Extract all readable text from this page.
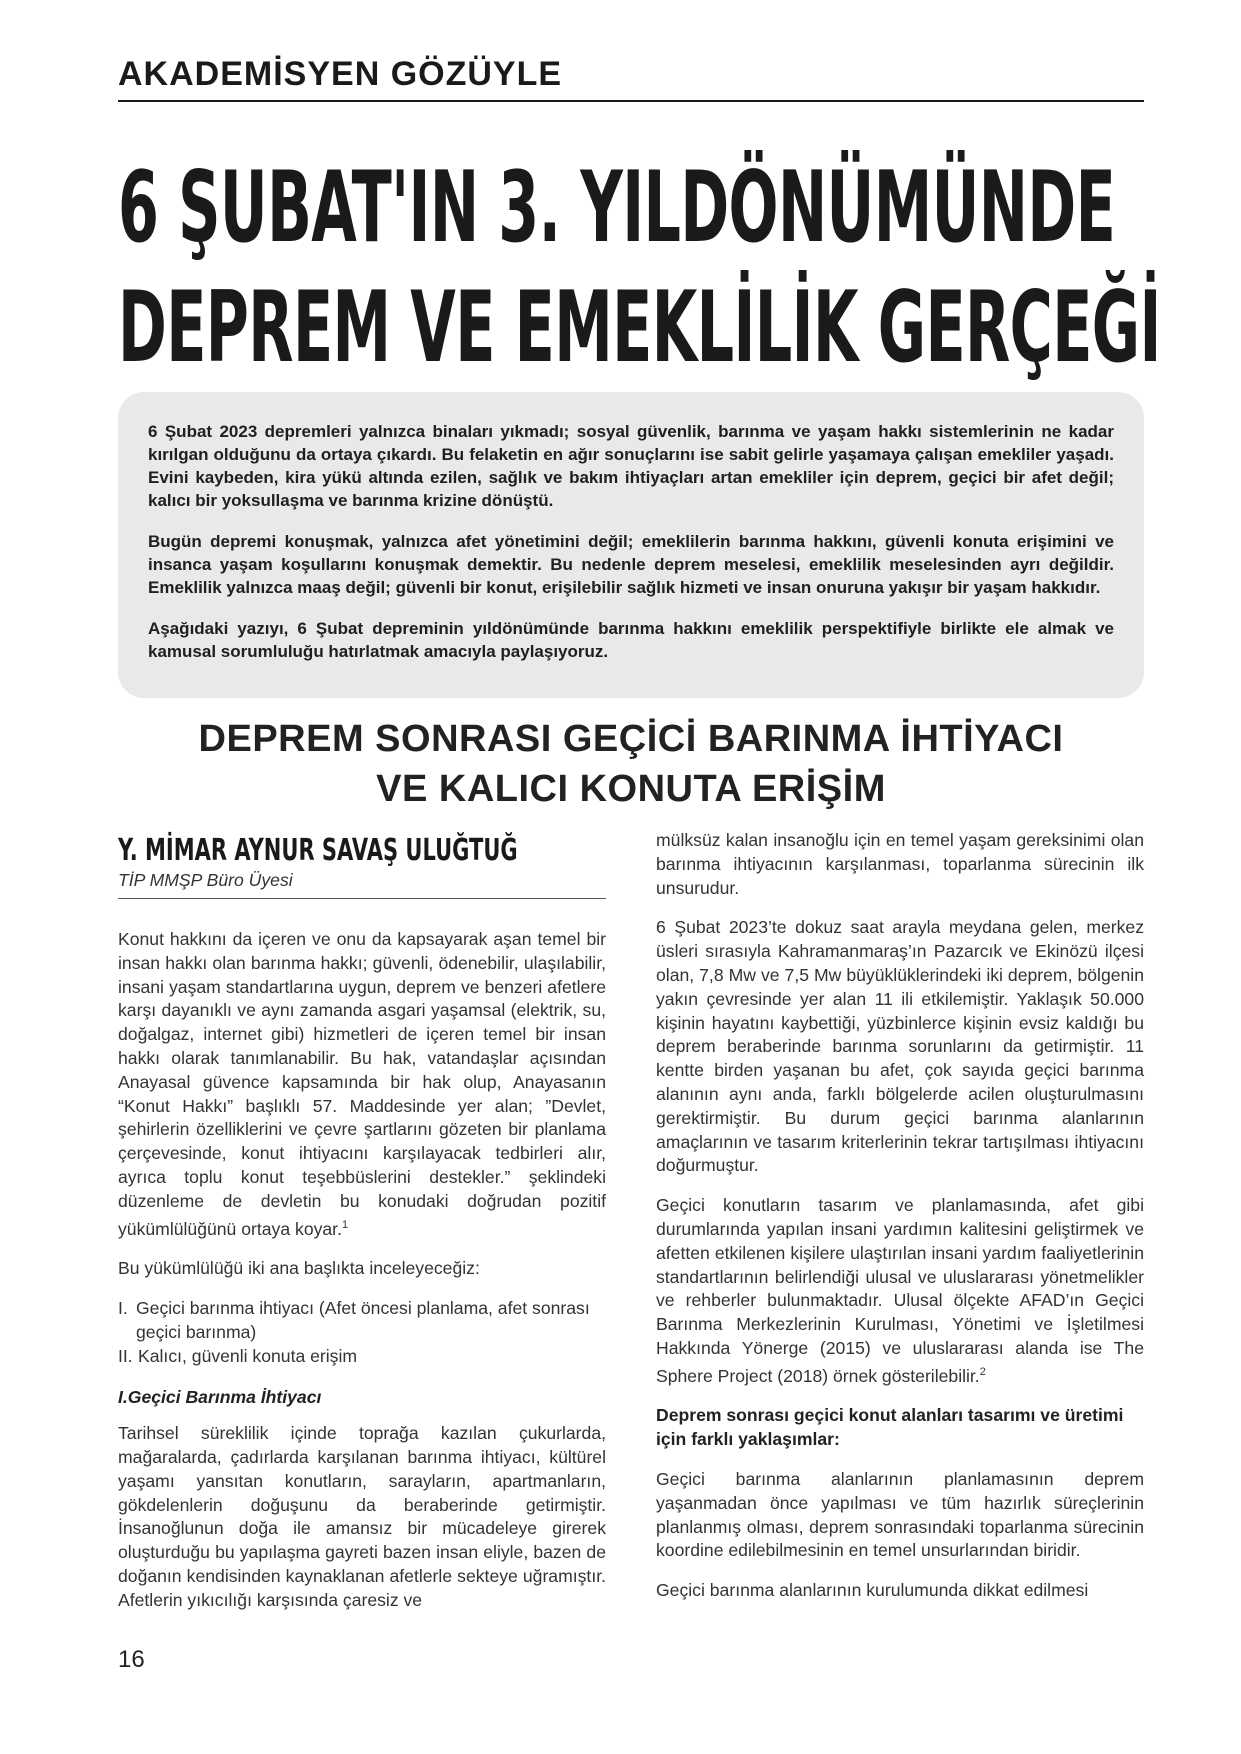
AKADEMİSYEN GÖZÜYLE
6 ŞUBAT'IN 3. YILDÖNÜMÜNDE
DEPREM VE EMEKLİLİK GERÇEĞİ

6 Şubat 2023 depremleri yalnızca binaları yıkmadı; sosyal güvenlik, barınma ve yaşam hakkı sistemlerinin ne kadar kırılgan olduğunu da ortaya çıkardı. Bu felaketin en ağır sonuçlarını ise sabit gelirle yaşamaya çalışan emekliler yaşadı. Evini kaybeden, kira yükü altında ezilen, sağlık ve bakım ihtiyaçları artan emekliler için deprem, geçici bir afet değil; kalıcı bir yoksullaşma ve barınma krizine dönüştü.

Bugün depremi konuşmak, yalnızca afet yönetimini değil; emeklilerin barınma hakkını, güvenli konuta erişimini ve insanca yaşam koşullarını konuşmak demektir. Bu nedenle deprem meselesi, emeklilik meselesinden ayrı değildir. Emeklilik yalnızca maaş değil; güvenli bir konut, erişilebilir sağlık hizmeti ve insan onuruna yakışır bir yaşam hakkıdır.

Aşağıdaki yazıyı, 6 Şubat depreminin yıldönümünde barınma hakkını emeklilik perspektifiyle birlikte ele almak ve kamusal sorumluluğu hatırlatmak amacıyla paylaşıyoruz.

DEPREM SONRASI GEÇİCİ BARINMA İHTİYACI
VE KALICI KONUTA ERİŞİM

Y. MİMAR AYNUR SAVAŞ ULUĞTUĞ

TİP MMŞP Büro Üyesi

Konut hakkını da içeren ve onu da kapsayarak aşan temel bir insan hakkı olan barınma hakkı; güvenli, ödenebilir, ulaşılabilir, insani yaşam standartlarına uygun, deprem ve benzeri afetlere karşı dayanıklı ve aynı zamanda asgari yaşamsal (elektrik, su, doğalgaz, internet gibi) hizmetleri de içeren temel bir insan hakkı olarak tanımlanabilir. Bu hak, vatandaşlar açısından Anayasal güvence kapsamında bir hak olup, Anayasanın “Konut Hakkı” başlıklı 57. Maddesinde yer alan; ”Devlet, şehirlerin özelliklerini ve çevre şartlarını gözeten bir planlama çerçevesinde, konut ihtiyacını karşılayacak tedbirleri alır, ayrıca toplu konut teşebbüslerini destekler.” şeklindeki düzenleme de devletin bu konudaki doğrudan pozitif yükümlülüğünü ortaya koyar.$^1$

Bu yükümlülüğü iki ana başlıkta inceleyeceğiz:

I. Geçici barınma ihtiyacı (Afet öncesi planlama, afet sonrası geçici barınma)
II. Kalıcı, güvenli konuta erişim

I.Geçici Barınma İhtiyacı

Tarihsel süreklilik içinde toprağa kazılan çukurlarda, mağaralarda, çadırlarda karşılanan barınma ihtiyacı, kültürel yaşamı yansıtan konutların, sarayların, apartmanların, gökdelenlerin doğuşunu da beraberinde getirmiştir. İnsanoğlunun doğa ile amansız bir mücadeleye girerek oluşturduğu bu yapılaşma gayreti bazen insan eliyle, bazen de doğanın kendisinden kaynaklanan afetlerle sekteye uğramıştır. Afetlerin yıkıcılığı karşısında çaresiz ve

mülksüz kalan insanoğlu için en temel yaşam gereksinimi olan barınma ihtiyacının karşılanması, toparlanma sürecinin ilk unsurudur.

6 Şubat 2023’te dokuz saat arayla meydana gelen, merkez üsleri sırasıyla Kahramanmaraş’ın Pazarcık ve Ekinözü ilçesi olan, 7,8 Mw ve 7,5 Mw büyüklüklerindeki iki deprem, bölgenin yakın çevresinde yer alan 11 ili etkilemiştir. Yaklaşık 50.000 kişinin hayatını kaybettiği, yüzbinlerce kişinin evsiz kaldığı bu deprem beraberinde barınma sorunlarını da getirmiştir. 11 kentte birden yaşanan bu afet, çok sayıda geçici barınma alanının aynı anda, farklı bölgelerde acilen oluşturulmasını gerektirmiştir. Bu durum geçici barınma alanlarının amaçlarının ve tasarım kriterlerinin tekrar tartışılması ihtiyacını doğurmuştur.

Geçici konutların tasarım ve planlamasında, afet gibi durumlarında yapılan insani yardımın kalitesini geliştirmek ve afetten etkilenen kişilere ulaştırılan insani yardım faaliyetlerinin standartlarının belirlendiği ulusal ve uluslararası yönetmelikler ve rehberler bulunmaktadır. Ulusal ölçekte AFAD’ın Geçici Barınma Merkezlerinin Kurulması, Yönetimi ve İşletilmesi Hakkında Yönerge (2015) ve uluslararası alanda ise The Sphere Project (2018) örnek gösterilebilir.$^2$

Deprem sonrası geçici konut alanları tasarımı ve üretimi için farklı yaklaşımlar:

Geçici barınma alanlarının planlamasının deprem yaşanmadan önce yapılması ve tüm hazırlık süreçlerinin planlanmış olması, deprem sonrasındaki toparlanma sürecinin koordine edilebilmesinin en temel unsurlarından biridir.

Geçici barınma alanlarının kurulumunda dikkat edilmesi

16
